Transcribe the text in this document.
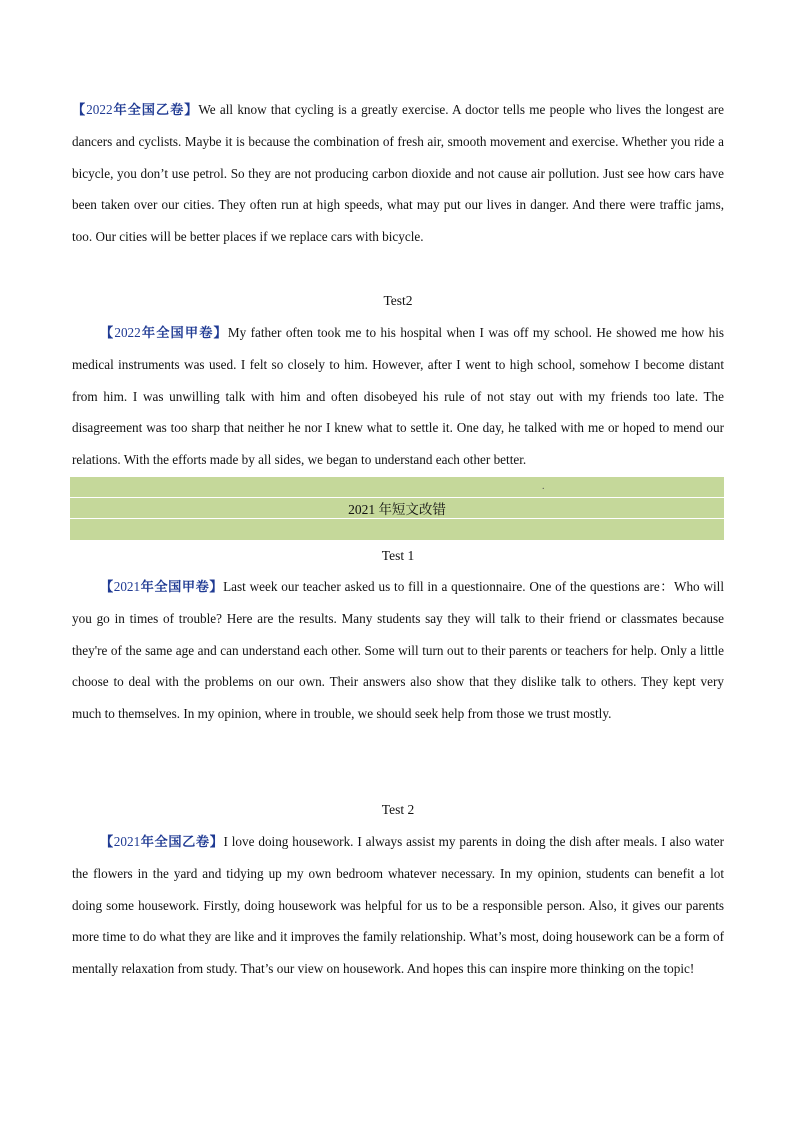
【2022年全国乙卷】We all know that cycling is a greatly exercise. A doctor tells me people who lives the longest are dancers and cyclists. Maybe it is because the combination of fresh air, smooth movement and exercise. Whether you ride a bicycle, you don’t use petrol. So they are not producing carbon dioxide and not cause air pollution. Just see how cars have been taken over our cities. They often run at high speeds, what may put our lives in danger. And there were traffic jams, too. Our cities will be better places if we replace cars with bicycle.

Test2

【2022年全国甲卷】My father often took me to his hospital when I was off my school. He showed me how his medical instruments was used. I felt so closely to him. However, after I went to high school, somehow I become distant from him. I was unwilling talk with him and often disobeyed his rule of not stay out with my friends too late. The disagreement was too sharp that neither he nor I knew what to settle it. One day, he talked with me or hoped to mend our relations. With the efforts made by all sides, we began to understand each other better.

.
2021 年短文改错

Test 1

【2021年全国甲卷】Last week our teacher asked us to fill in a questionnaire. One of the questions are：Who will you go in times of trouble? Here are the results. Many students say they will talk to their friend or classmates because they're of the same age and can understand each other. Some will turn out to their parents or teachers for help. Only a little choose to deal with the problems on our own. Their answers also show that they dislike talk to others. They kept very much to themselves. In my opinion, where in trouble, we should seek help from those we trust mostly.

Test 2

【2021年全国乙卷】I love doing housework. I always assist my parents in doing the dish after meals. I also water the flowers in the yard and tidying up my own bedroom whatever necessary. In my opinion, students can benefit a lot doing some housework. Firstly, doing housework was helpful for us to be a responsible person. Also, it gives our parents more time to do what they are like and it improves the family relationship. What’s most, doing housework can be a form of mentally relaxation from study. That’s our view on housework. And hopes this can inspire more thinking on the topic!
